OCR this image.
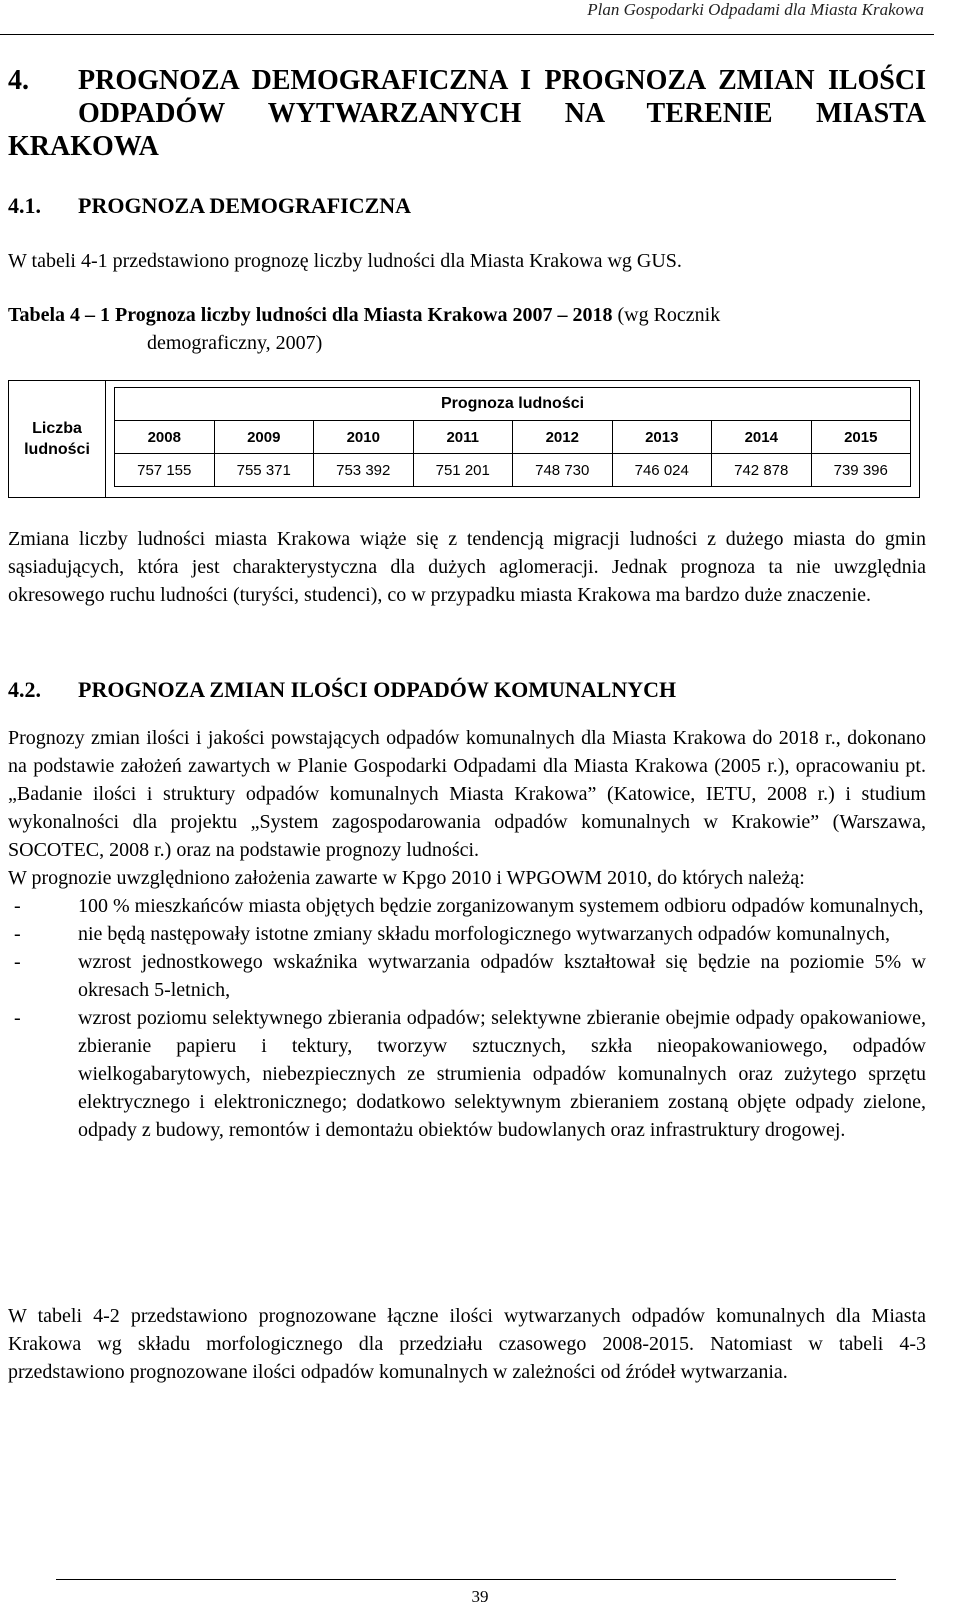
Plan Gospodarki Odpadami dla Miasta Krakowa
4. PROGNOZA DEMOGRAFICZNA I PROGNOZA ZMIAN ILOŚCI ODPADÓW WYTWARZANYCH NA TERENIE MIASTA
KRAKOWA
4.1. PROGNOZA DEMOGRAFICZNA
W tabeli 4-1 przedstawiono prognozę liczby ludności dla Miasta Krakowa wg GUS.
Tabela 4 – 1 Prognoza liczby ludności dla Miasta Krakowa 2007 – 2018 (wg Rocznik
demograficzny, 2007)
Liczba ludności	
Prognoza ludności
2008	2009	2010	2011	2012	2013	2014	2015
757 155	755 371	753 392	751 201	748 730	746 024	742 878	739 396
Zmiana liczby ludności miasta Krakowa wiąże się z tendencją migracji ludności z dużego miasta do gmin sąsiadujących, która jest charakterystyczna dla dużych aglomeracji. Jednak prognoza ta nie uwzględnia okresowego ruchu ludności (turyści, studenci), co w przypadku miasta Krakowa ma bardzo duże znaczenie.
4.2. PROGNOZA ZMIAN ILOŚCI ODPADÓW KOMUNALNYCH
Prognozy zmian ilości i jakości powstających odpadów komunalnych dla Miasta Krakowa do 2018 r., dokonano na podstawie założeń zawartych w Planie Gospodarki Odpadami dla Miasta Krakowa (2005 r.), opracowaniu pt. „Badanie ilości i struktury odpadów komunalnych Miasta Krakowa” (Katowice, IETU, 2008 r.) i studium wykonalności dla projektu „System zagospodarowania odpadów komunalnych w Krakowie” (Warszawa, SOCOTEC, 2008 r.) oraz na podstawie prognozy ludności.
W prognozie uwzględniono założenia zawarte w Kpgo 2010 i WPGOWM 2010, do których należą:
-	100 % mieszkańców miasta objętych będzie zorganizowanym systemem odbioru odpadów komunalnych,
-	nie będą następowały istotne zmiany składu morfologicznego wytwarzanych odpadów komunalnych,
-	wzrost jednostkowego wskaźnika wytwarzania odpadów kształtował się będzie na poziomie 5% w okresach 5-letnich,
-	wzrost poziomu selektywnego zbierania odpadów; selektywne zbieranie obejmie odpady opakowaniowe, zbieranie papieru i tektury, tworzyw sztucznych, szkła nieopakowaniowego, odpadów wielkogabarytowych, niebezpiecznych ze strumienia odpadów komunalnych oraz zużytego sprzętu elektrycznego i elektronicznego; dodatkowo selektywnym zbieraniem zostaną objęte odpady zielone, odpady z budowy, remontów i demontażu obiektów budowlanych oraz infrastruktury drogowej.
W tabeli 4-2 przedstawiono prognozowane łączne ilości wytwarzanych odpadów komunalnych dla Miasta Krakowa wg składu morfologicznego dla przedziału czasowego 2008-2015. Natomiast w tabeli 4-3 przedstawiono prognozowane ilości odpadów komunalnych w zależności od źródeł wytwarzania.
39
